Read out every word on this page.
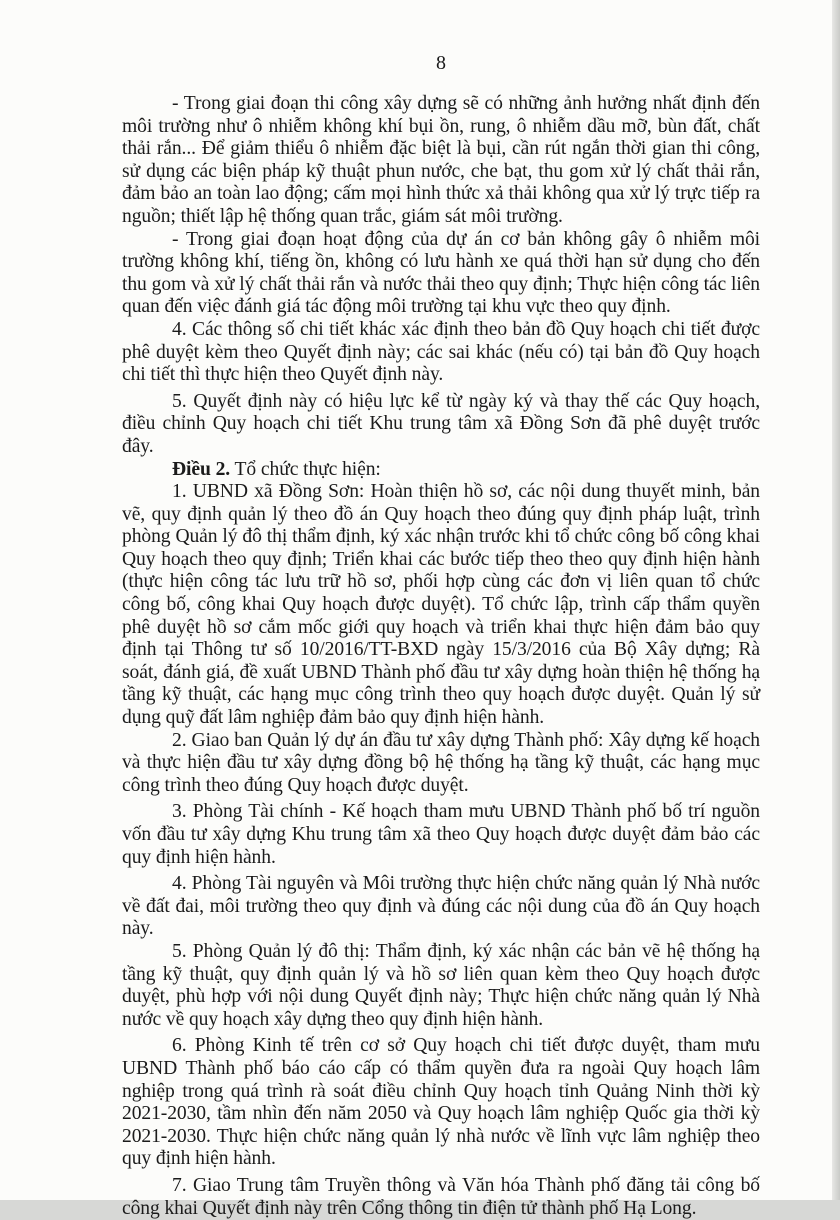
8

- Trong giai đoạn thi công xây dựng sẽ có những ảnh hưởng nhất định đến môi trường như ô nhiễm không khí bụi ồn, rung, ô nhiễm dầu mỡ, bùn đất, chất thải rắn... Để giảm thiểu ô nhiễm đặc biệt là bụi, cần rút ngắn thời gian thi công, sử dụng các biện pháp kỹ thuật phun nước, che bạt, thu gom xử lý chất thải rắn, đảm bảo an toàn lao động; cấm mọi hình thức xả thải không qua xử lý trực tiếp ra nguồn; thiết lập hệ thống quan trắc, giám sát môi trường.

- Trong giai đoạn hoạt động của dự án cơ bản không gây ô nhiễm môi trường không khí, tiếng ồn, không có lưu hành xe quá thời hạn sử dụng cho đến thu gom và xử lý chất thải rắn và nước thải theo quy định; Thực hiện công tác liên quan đến việc đánh giá tác động môi trường tại khu vực theo quy định.

4. Các thông số chi tiết khác xác định theo bản đồ Quy hoạch chi tiết được phê duyệt kèm theo Quyết định này; các sai khác (nếu có) tại bản đồ Quy hoạch chi tiết thì thực hiện theo Quyết định này.

5. Quyết định này có hiệu lực kể từ ngày ký và thay thế các Quy hoạch, điều chỉnh Quy hoạch chi tiết Khu trung tâm xã Đồng Sơn đã phê duyệt trước đây.

Điều 2. Tổ chức thực hiện:

1. UBND xã Đồng Sơn: Hoàn thiện hồ sơ, các nội dung thuyết minh, bản vẽ, quy định quản lý theo đồ án Quy hoạch theo đúng quy định pháp luật, trình phòng Quản lý đô thị thẩm định, ký xác nhận trước khi tổ chức công bố công khai Quy hoạch theo quy định; Triển khai các bước tiếp theo theo quy định hiện hành (thực hiện công tác lưu trữ hồ sơ, phối hợp cùng các đơn vị liên quan tổ chức công bố, công khai Quy hoạch được duyệt). Tổ chức lập, trình cấp thẩm quyền phê duyệt hồ sơ cắm mốc giới quy hoạch và triển khai thực hiện đảm bảo quy định tại Thông tư số 10/2016/TT-BXD ngày 15/3/2016 của Bộ Xây dựng; Rà soát, đánh giá, đề xuất UBND Thành phố đầu tư xây dựng hoàn thiện hệ thống hạ tầng kỹ thuật, các hạng mục công trình theo quy hoạch được duyệt. Quản lý sử dụng quỹ đất lâm nghiệp đảm bảo quy định hiện hành.

2. Giao ban Quản lý dự án đầu tư xây dựng Thành phố: Xây dựng kế hoạch và thực hiện đầu tư xây dựng đồng bộ hệ thống hạ tầng kỹ thuật, các hạng mục công trình theo đúng Quy hoạch được duyệt.

3. Phòng Tài chính - Kế hoạch tham mưu UBND Thành phố bố trí nguồn vốn đầu tư xây dựng Khu trung tâm xã theo Quy hoạch được duyệt đảm bảo các quy định hiện hành.

4. Phòng Tài nguyên và Môi trường thực hiện chức năng quản lý Nhà nước về đất đai, môi trường theo quy định và đúng các nội dung của đồ án Quy hoạch này.

5. Phòng Quản lý đô thị: Thẩm định, ký xác nhận các bản vẽ hệ thống hạ tầng kỹ thuật, quy định quản lý và hồ sơ liên quan kèm theo Quy hoạch được duyệt, phù hợp với nội dung Quyết định này; Thực hiện chức năng quản lý Nhà nước về quy hoạch xây dựng theo quy định hiện hành.

6. Phòng Kinh tế trên cơ sở Quy hoạch chi tiết được duyệt, tham mưu UBND Thành phố báo cáo cấp có thẩm quyền đưa ra ngoài Quy hoạch lâm nghiệp trong quá trình rà soát điều chỉnh Quy hoạch tỉnh Quảng Ninh thời kỳ 2021-2030, tầm nhìn đến năm 2050 và Quy hoạch lâm nghiệp Quốc gia thời kỳ 2021-2030. Thực hiện chức năng quản lý nhà nước về lĩnh vực lâm nghiệp theo quy định hiện hành.

7. Giao Trung tâm Truyền thông và Văn hóa Thành phố đăng tải công bố công khai Quyết định này trên Cổng thông tin điện tử thành phố Hạ Long.
